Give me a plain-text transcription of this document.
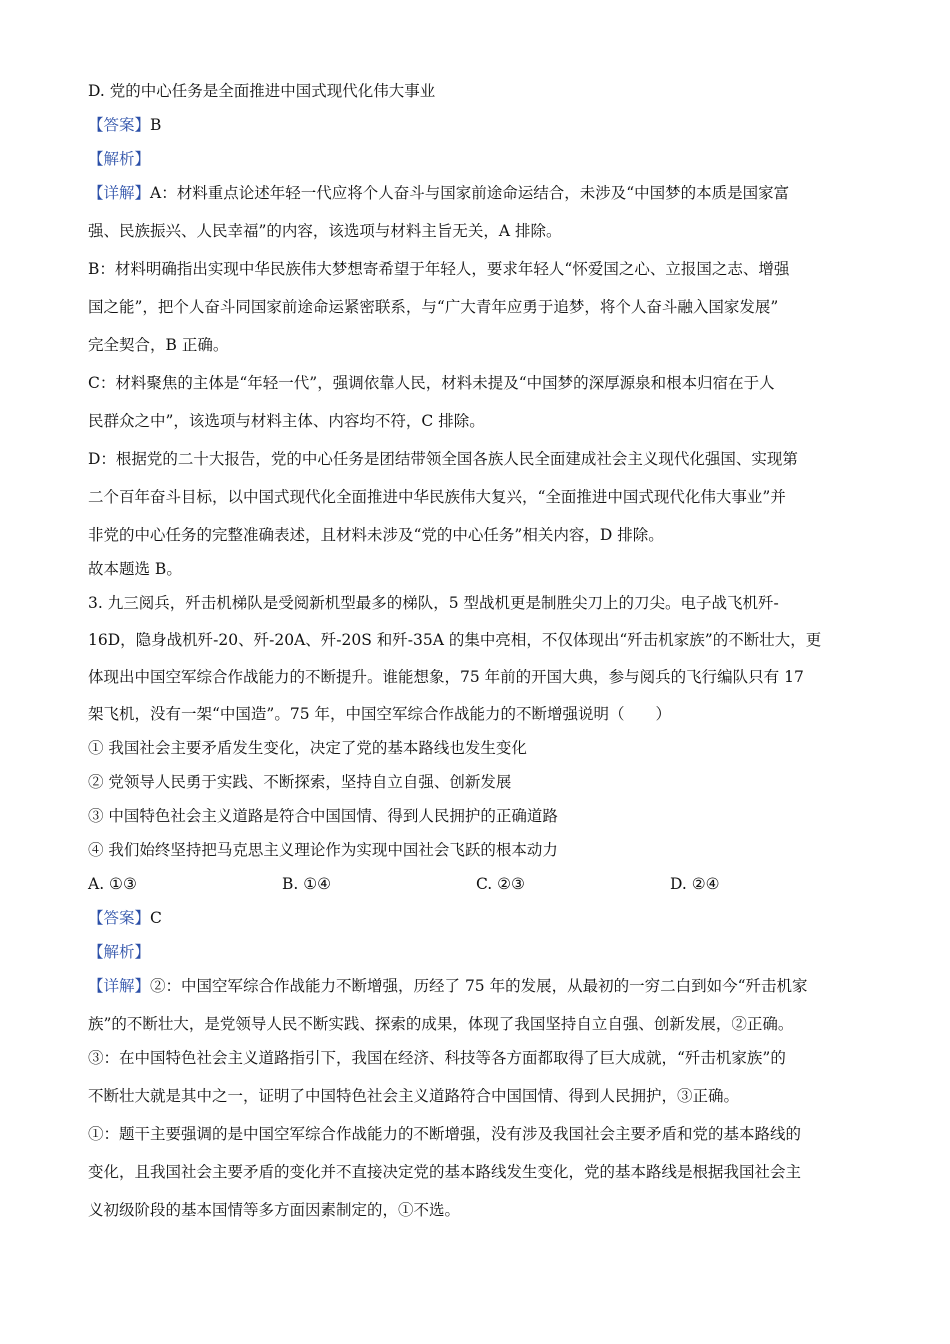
D. 党的中心任务是全面推进中国式现代化伟大事业
【答案】B
【解析】
【详解】A：材料重点论述年轻一代应将个人奋斗与国家前途命运结合，未涉及“中国梦的本质是国家富
强、民族振兴、人民幸福”的内容，该选项与材料主旨无关，A 排除。
B：材料明确指出实现中华民族伟大梦想寄希望于年轻人，要求年轻人“怀爱国之心、立报国之志、增强
国之能”，把个人奋斗同国家前途命运紧密联系，与“广大青年应勇于追梦，将个人奋斗融入国家发展”
完全契合，B 正确。
C：材料聚焦的主体是“年轻一代”，强调依靠人民，材料未提及“中国梦的深厚源泉和根本归宿在于人
民群众之中”，该选项与材料主体、内容均不符，C 排除。
D：根据党的二十大报告，党的中心任务是团结带领全国各族人民全面建成社会主义现代化强国、实现第
二个百年奋斗目标，以中国式现代化全面推进中华民族伟大复兴，“全面推进中国式现代化伟大事业”并
非党的中心任务的完整准确表述，且材料未涉及“党的中心任务”相关内容，D 排除。
故本题选 B。
3. 九三阅兵，歼击机梯队是受阅新机型最多的梯队，5 型战机更是制胜尖刀上的刀尖。电子战飞机歼-
16D，隐身战机歼-20、歼-20A、歼-20S 和歼-35A 的集中亮相，不仅体现出“歼击机家族”的不断壮大，更
体现出中国空军综合作战能力的不断提升。谁能想象，75 年前的开国大典，参与阅兵的飞行编队只有 17
架飞机，没有一架“中国造”。75 年，中国空军综合作战能力的不断增强说明（　　）
① 我国社会主要矛盾发生变化，决定了党的基本路线也发生变化
② 党领导人民勇于实践、不断探索，坚持自立自强、创新发展
③ 中国特色社会主义道路是符合中国国情、得到人民拥护的正确道路
④ 我们始终坚持把马克思主义理论作为实现中国社会飞跃的根本动力
A. ①③	B. ①④	C. ②③	D. ②④
【答案】C
【解析】
【详解】②：中国空军综合作战能力不断增强，历经了 75 年的发展，从最初的一穷二白到如今“歼击机家
族”的不断壮大，是党领导人民不断实践、探索的成果，体现了我国坚持自立自强、创新发展，②正确。
③：在中国特色社会主义道路指引下，我国在经济、科技等各方面都取得了巨大成就，“歼击机家族”的
不断壮大就是其中之一，证明了中国特色社会主义道路符合中国国情、得到人民拥护，③正确。
①：题干主要强调的是中国空军综合作战能力的不断增强，没有涉及我国社会主要矛盾和党的基本路线的
变化，且我国社会主要矛盾的变化并不直接决定党的基本路线发生变化，党的基本路线是根据我国社会主
义初级阶段的基本国情等多方面因素制定的，①不选。
